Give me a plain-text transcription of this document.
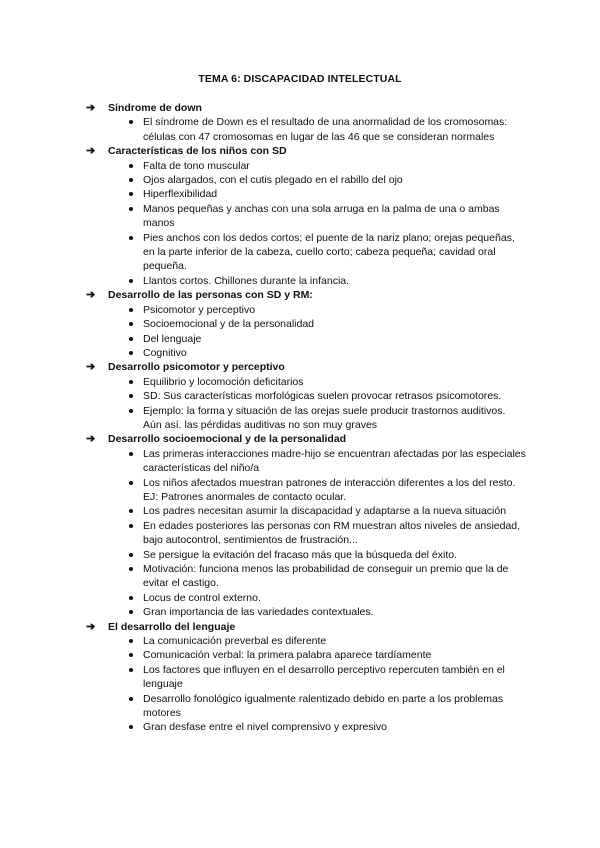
TEMA 6: DISCAPACIDAD INTELECTUAL
➔	Síndrome de down
El síndrome de Down es el resultado de una anormalidad de los cromosomas: células con 47 cromosomas en lugar de las 46 que se consideran normales
➔	Características de los niños con SD
Falta de tono muscular
Ojos alargados, con el cutis plegado en el rabillo del ojo
Hiperflexibilidad
Manos pequeñas y anchas con una sola arruga en la palma de una o ambas manos
Pies anchos con los dedos cortos; el puente de la nariz plano; orejas pequeñas, en la parte inferior de la cabeza, cuello corto; cabeza pequeña; cavidad oral pequeña.
Llantos cortos. Chillones durante la infancia.
➔	Desarrollo de las personas con SD y RM:
Psicomotor y perceptivo
Socioemocional y de la personalidad
Del lenguaje
Cognitivo
➔	Desarrollo psicomotor y perceptivo
Equilibrio y locomoción deficitarios
SD: Sus características morfológicas suelen provocar retrasos psicomotores.
Ejemplo: la forma y situación de las orejas suele producir trastornos auditivos. Aún así. las pérdidas auditivas no son muy graves
➔	Desarrollo socioemocional y de la personalidad
Las primeras interacciones madre-hijo se encuentran afectadas por las especiales características del niño/a
Los niños afectados muestran patrones de interacción diferentes a los del resto. EJ: Patrones anormales de contacto ocular.
Los padres necesitan asumir la discapacidad y adaptarse a la nueva situación
En edades posteriores las personas con RM muestran altos niveles de ansiedad, bajo autocontrol, sentimientos de frustración...
Se persigue la evitación del fracaso más que la búsqueda del éxito.
Motivación: funciona menos las probabilidad de conseguir un premio que la de evitar el castigo.
Locus de control externo.
Gran importancia de las variedades contextuales.
➔	El desarrollo del lenguaje
La comunicación preverbal es diferente
Comunicación verbal: la primera palabra aparece tardíamente
Los factores que influyen en el desarrollo perceptivo repercuten también en el lenguaje
Desarrollo fonológico igualmente ralentizado debido en parte a los problemas motores
Gran desfase entre el nivel comprensivo y expresivo
